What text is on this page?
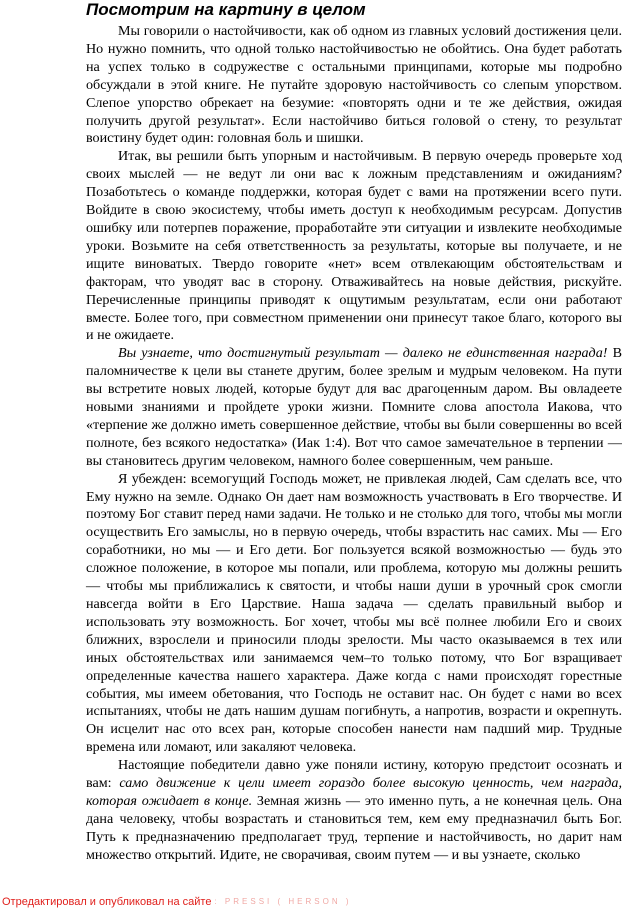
Посмотрим на картину в целом

Мы говорили о настойчивости, как об одном из главных условий достижения цели. Но нужно помнить, что одной только настойчивостью не обойтись. Она будет работать на успех только в содружестве с остальными принципами, которые мы подробно обсуждали в этой книге. Не путайте здоровую настойчивость со слепым упорством. Слепое упорство обрекает на безумие: «повторять одни и те же действия, ожидая получить другой результат». Если настойчиво биться головой о стену, то результат воистину будет один: головная боль и шишки.

Итак, вы решили быть упорным и настойчивым. В первую очередь проверьте ход своих мыслей — не ведут ли они вас к ложным представлениям и ожиданиям? Позаботьтесь о команде поддержки, которая будет с вами на протяжении всего пути. Войдите в свою экосистему, чтобы иметь доступ к необходимым ресурсам. Допустив ошибку или потерпев поражение, проработайте эти ситуации и извлеките необходимые уроки. Возьмите на себя ответственность за результаты, которые вы получаете, и не ищите виноватых. Твердо говорите «нет» всем отвлекающим обстоятельствам и факторам, что уводят вас в сторону. Отваживайтесь на новые действия, рискуйте. Перечисленные принципы приводят к ощутимым результатам, если они работают вместе. Более того, при совместном применении они принесут такое благо, которого вы и не ожидаете.

Вы узнаете, что достигнутый результат — далеко не единственная награда! В паломничестве к цели вы станете другим, более зрелым и мудрым человеком. На пути вы встретите новых людей, которые будут для вас драгоценным даром. Вы овладеете новыми знаниями и пройдете уроки жизни. Помните слова апостола Иакова, что «терпение же должно иметь совершенное действие, чтобы вы были совершенны во всей полноте, без всякого недостатка» (Иак 1:4). Вот что самое замечательное в терпении — вы становитесь другим человеком, намного более совершенным, чем раньше.

Я убежден: всемогущий Господь может, не привлекая людей, Сам сделать все, что Ему нужно на земле. Однако Он дает нам возможность участвовать в Его творчестве. И поэтому Бог ставит перед нами задачи. Не только и не столько для того, чтобы мы могли осуществить Его замыслы, но в первую очередь, чтобы взрастить нас самих. Мы — Его соработники, но мы — и Его дети. Бог пользуется всякой возможностью — будь это сложное положение, в которое мы попали, или проблема, которую мы должны решить — чтобы мы приближались к святости, и чтобы наши души в урочный срок смогли навсегда войти в Его Царствие. Наша задача — сделать правильный выбор и использовать эту возможность. Бог хочет, чтобы мы всё полнее любили Его и своих ближних, взрослели и приносили плоды зрелости. Мы часто оказываемся в тех или иных обстоятельствах или занимаемся чем–то только потому, что Бог взращивает определенные качества нашего характера. Даже когда с нами происходят горестные события, мы имеем обетования, что Господь не оставит нас. Он будет с нами во всех испытаниях, чтобы не дать нашим душам погибнуть, а напротив, возрасти и окрепнуть. Он исцелит нас ото всех ран, которые способен нанести нам падший мир. Трудные времена или ломают, или закаляют человека.

Настоящие победители давно уже поняли истину, которую предстоит осознать и вам: само движение к цели имеет гораздо более высокую ценность, чем награда, которая ожидает в конце. Земная жизнь — это именно путь, а не конечная цель. Она дана человеку, чтобы возрастать и становиться тем, кем ему предназначил быть Бог. Путь к предназначению предполагает труд, терпение и настойчивость, но дарит нам множество открытий. Идите, не сворачивая, своим путем — и вы узнаете, сколько

Отредактировал и опубликовал на сайте : PRESSI ( HERSON )
